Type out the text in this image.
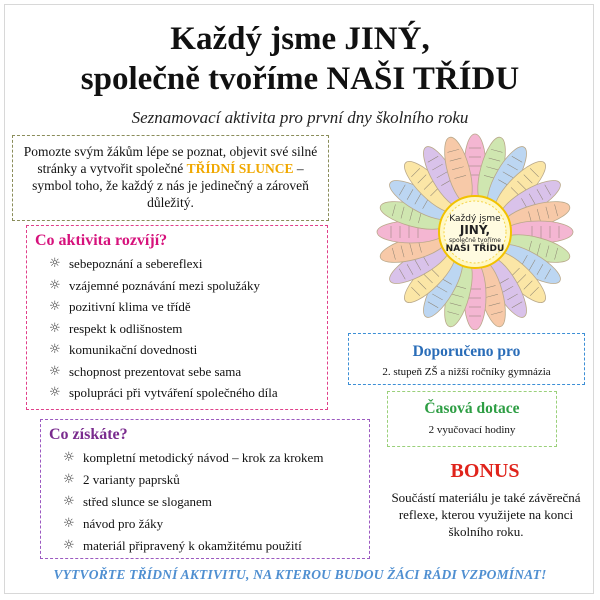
Každý jsme JINÝ,
společně tvoříme NAŠI TŘÍDU
Seznamovací aktivita pro první dny školního roku
Pomozte svým žákům lépe se poznat, objevit své silné stránky a vytvořit společné TŘÍDNÍ SLUNCE – symbol toho, že každý z nás je jedinečný a zároveň důležitý.
Co aktivita rozvíjí?
☼ sebepoznání a sebereflexi
☼ vzájemné poznávání mezi spolužáky
☼ pozitivní klima ve třídě
☼ respekt k odlišnostem
☼ komunikační dovednosti
☼ schopnost prezentovat sebe sama
☼ spolupráci při vytváření společného díla
Co získáte?
☼ kompletní metodický návod – krok za krokem
☼ 2 varianty paprsků
☼ střed slunce se sloganem
☼ návod pro žáky
☼ materiál připravený k okamžitému použití
Každý jsme
JINÝ,
společně tvoříme
NAŠI TŘÍDU
Doporučeno pro
2. stupeň ZŠ a nižší ročníky gymnázia
Časová dotace
2 vyučovací hodiny
BONUS
Součástí materiálu je také závěrečná reflexe, kterou využijete na konci školního roku.
VYTVOŘTE TŘÍDNÍ AKTIVITU, NA KTEROU BUDOU ŽÁCI RÁDI VZPOMÍNAT!
